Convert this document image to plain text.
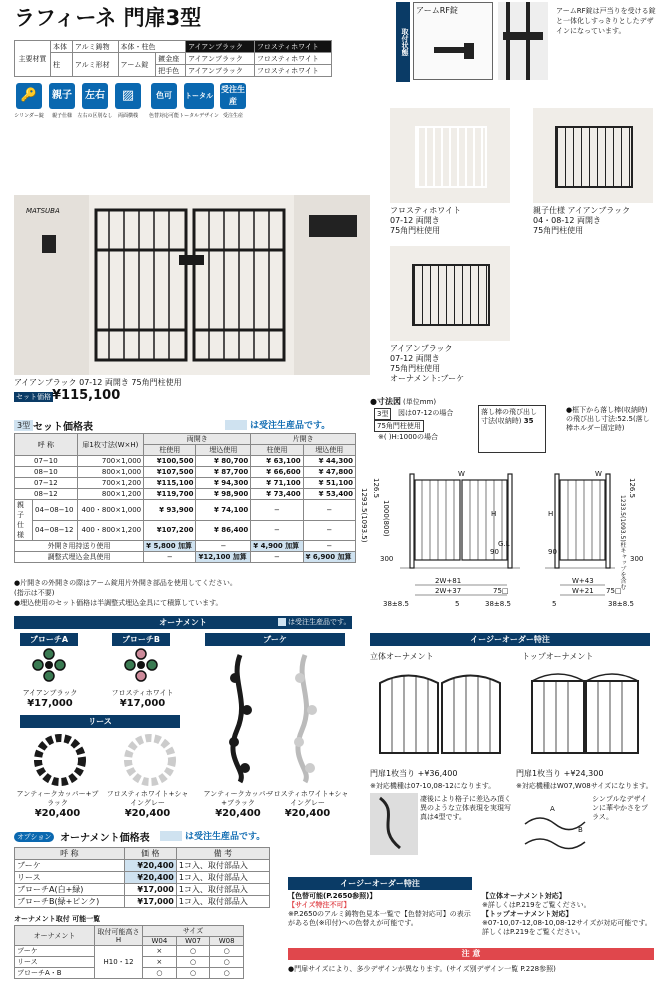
ラフィーネ 門扉3型
主要材質	本体	アルミ鋳物	本体・柱色		アイアンブラック	フロスティホワイト
	柱	アルミ形材	アーム錠	鍍金座	アイアンブラック	フロスティホワイト
				把手色	アイアンブラック	フロスティホワイト
🔑	親子	左右	▨	色可	トータル
受注生産
シリンダー錠	親子仕様	左右の区別なし	両面横桟	色替対応可能 トータルデザイン 受注生産
取付状態
アームRF錠	アームRF錠は戸当りを受ける錠と一体化しすっきりとしたデザインになっています。
MATSUBA
アイアンブラック 07-12 両開き 75角門柱使用
セット価格 ¥115,100
フロスティホワイト
07-12 両開き
75角門柱使用
親子仕様 アイアンブラック
04・08-12 両開き
75角門柱使用
アイアンブラック
07-12 両開き
75角門柱使用
オーナメント:ブーケ
3型 セット価格表	は受注生産品です。
呼 称		扉1枚寸法(W×H)	両開き		片開き	
			柱使用	埋込使用	柱使用	埋込使用
07−10		700×1,000	¥100,500	¥ 80,700	¥ 63,100	¥ 44,300
08−10		800×1,000	¥107,500	¥ 87,700	¥ 66,600	¥ 47,800
07−12		700×1,200	¥115,100	¥ 94,300	¥ 71,100	¥ 51,100
08−12		800×1,200	¥119,700	¥ 98,900	¥ 73,400	¥ 53,400
親子仕様	04−08−10	400・800×1,000	¥ 93,900	¥ 74,100	−	−
	04−08−12	400・800×1,200	¥107,200	¥ 86,400	−	−
外開き用持送り使用			¥ 5,800 加算	−	¥ 4,900 加算	−
調整式埋込金具使用			−	¥12,100 加算	−	¥ 6,900 加算
●片開きの外開きの際はアーム錠用片外開き部品を使用してください。
(指示は不要)
●埋込使用のセット価格は半調整式埋込金具にて積算しています。
●寸法図 (単位mm)
3型	図は07-12の場合
75角門柱使用
※( )H:1000の場合
落し棒の飛び出し寸法(収納時) 35
●框下から落し棒(収納時)の飛び出し寸法:52.5(落し棒ホルダー固定時)
W	W
H	H
G.L
126.5
1293.5(1093.5) 1000(800)
126.5
1233.5(1093.5)柱キャップを含む
300
90	90
300
2W+81
2W+37	75□
38±8.5	5	38±8.5
W+43
W+21 75□
5	38±8.5
オーナメント	は受注生産品です。
ブローチA	ブローチB	ブーケ
アイアンブラック
¥17,000
フロスティホワイト
¥17,000
リース
アンティークカッパー+ブラック
¥20,400
フロスティホワイト+シャイングレー
¥20,400
アンティークカッパー+ブラック
¥20,400
フロスティホワイト+シャイングレー
¥20,400
オプション オーナメント価格表	は受注生産品です。
呼 称	価 格	備 考
ブーケ	¥20,400	1コ入、取付部品入
リース	¥20,400	1コ入、取付部品入
ブローチA(白+緑)	¥17,000	1コ入、取付部品入
ブローチB(緑+ピンク)	¥17,000	1コ入、取付部品入
オーナメント取付 可能一覧
オーナメント	取付可能高さH	サイズ		
		W04	W07	W08
ブーケ	H10・12	×	○	○
リース		×	○	○
ブローチA・B		○	○	○
イージーオーダー特注
立体オーナメント	トップオーナメント
門扉1枚当り +¥36,400	門扉1枚当り +¥24,300
※対応機種は07-10,08-12になります。	※対応機種はW07,W08サイズになります。
凄後により格子に差込み頂く異のような立体表現を実現写真は4型です。
シンプルなデザインに華やかさをプラス。
A
B
イージーオーダー特注
【色替可能(P.2650参照)】
【サイズ特注不可】
※P.2650のアルミ鋳物色見本一覧で【色替対応可】の表示がある色(※印付)への色替えが可能です。
【立体オーナメント対応】
※詳しくはP.219をご覧ください。
【トップオーナメント対応】
※07-10,07-12,08-10,08-12サイズが対応可能です。詳しくはP.219をご覧ください。
注 意
●門扉サイズにより、多少デザインが異なります。(サイズ別デザイン一覧 P.228参照)
